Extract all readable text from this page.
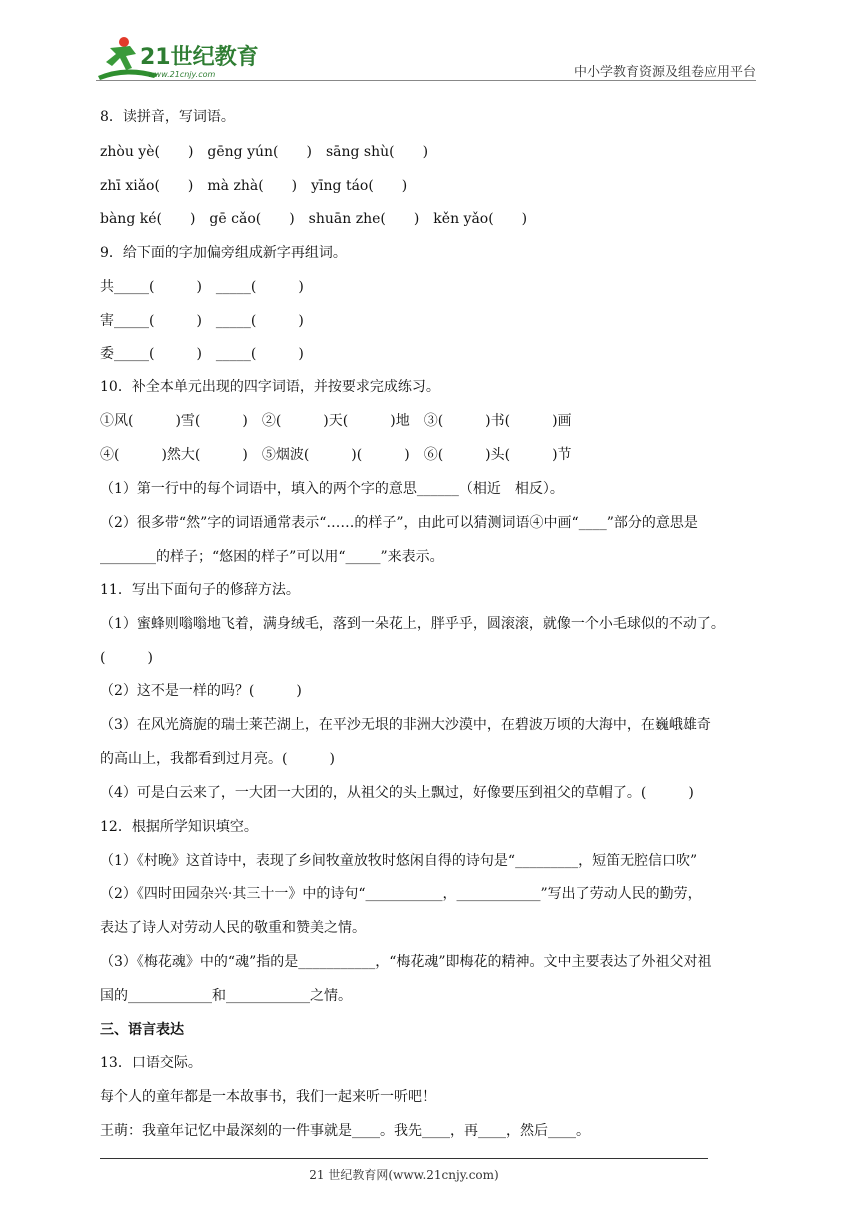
21世纪教育
www.21cnjy.com	中小学教育资源及组卷应用平台
8．读拼音，写词语。
zhòu yè(　　)　gēng yún(　　)　sāng shù(　　)
zhī xiǎo(　　)　mà zhà(　　)　yīng táo(　　)
bàng ké(　　)　gē cǎo(　　)　shuān zhe(　　)　kěn yǎo(　　)
9．给下面的字加偏旁组成新字再组词。
共_____(　　　)　_____(　　　)
害_____(　　　)　_____(　　　)
委_____(　　　)　_____(　　　)
10．补全本单元出现的四字词语，并按要求完成练习。
①风(　　　)雪(　　　)　②(　　　)天(　　　)地　③(　　　)书(　　　)画
④(　　　)然大(　　　)　⑤烟波(　　　)(　　　)　⑥(　　　)头(　　　)节
（1）第一行中的每个词语中，填入的两个字的意思______（相近　相反）。
（2）很多带“然”字的词语通常表示“……的样子”，由此可以猜测词语④中画“____”部分的意思是
________的样子；“悠困的样子”可以用“_____”来表示。
11．写出下面句子的修辞方法。
（1）蜜蜂则嗡嗡地飞着，满身绒毛，落到一朵花上，胖乎乎，圆滚滚，就像一个小毛球似的不动了。
(　　　)
（2）这不是一样的吗？(　　　)
（3）在风光旖旎的瑞士莱芒湖上，在平沙无垠的非洲大沙漠中，在碧波万顷的大海中，在巍峨雄奇
的高山上，我都看到过月亮。(　　　)
（4）可是白云来了，一大团一大团的，从祖父的头上飘过，好像要压到祖父的草帽了。(　　　)
12．根据所学知识填空。
（1）《村晚》这首诗中，表现了乡间牧童放牧时悠闲自得的诗句是“_________，短笛无腔信口吹”
（2）《四时田园杂兴·其三十一》中的诗句“___________，____________”写出了劳动人民的勤劳，
表达了诗人对劳动人民的敬重和赞美之情。
（3）《梅花魂》中的“魂”指的是___________，“梅花魂”即梅花的精神。文中主要表达了外祖父对祖
国的____________和____________之情。
三、语言表达
13．口语交际。
每个人的童年都是一本故事书，我们一起来听一听吧！
王萌：我童年记忆中最深刻的一件事就是____。我先____，再____，然后____。
21 世纪教育网(www.21cnjy.com)
